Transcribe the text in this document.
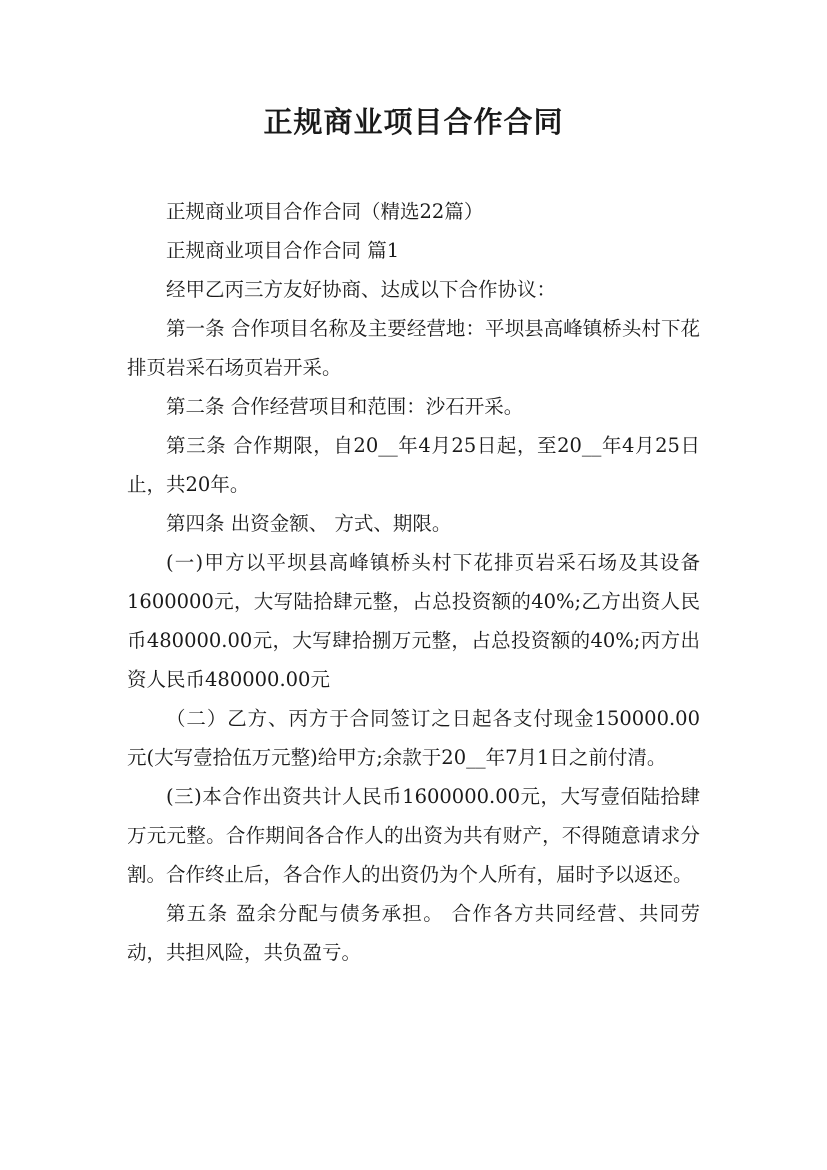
正规商业项目合作合同

正规商业项目合作合同（精选22篇）

正规商业项目合作合同 篇1

经甲乙丙三方友好协商、达成以下合作协议：

第一条 合作项目名称及主要经营地：平坝县高峰镇桥头村下花排页岩采石场页岩开采。

第二条 合作经营项目和范围：沙石开采。

第三条 合作期限，自20__年4月25日起，至20__年4月25日止，共20年。

第四条 出资金额、 方式、期限。

(一)甲方以平坝县高峰镇桥头村下花排页岩采石场及其设备1600000元，大写陆拾肆元整，占总投资额的40%;乙方出资人民币480000.00元，大写肆拾捌万元整，占总投资额的40%;丙方出资人民币480000.00元

（二）乙方、丙方于合同签订之日起各支付现金150000.00元(大写壹拾伍万元整)给甲方;余款于20__年7月1日之前付清。

(三)本合作出资共计人民币1600000.00元，大写壹佰陆拾肆万元元整。合作期间各合作人的出资为共有财产，不得随意请求分割。合作终止后，各合作人的出资仍为个人所有，届时予以返还。

第五条 盈余分配与债务承担。 合作各方共同经营、共同劳动，共担风险，共负盈亏。
